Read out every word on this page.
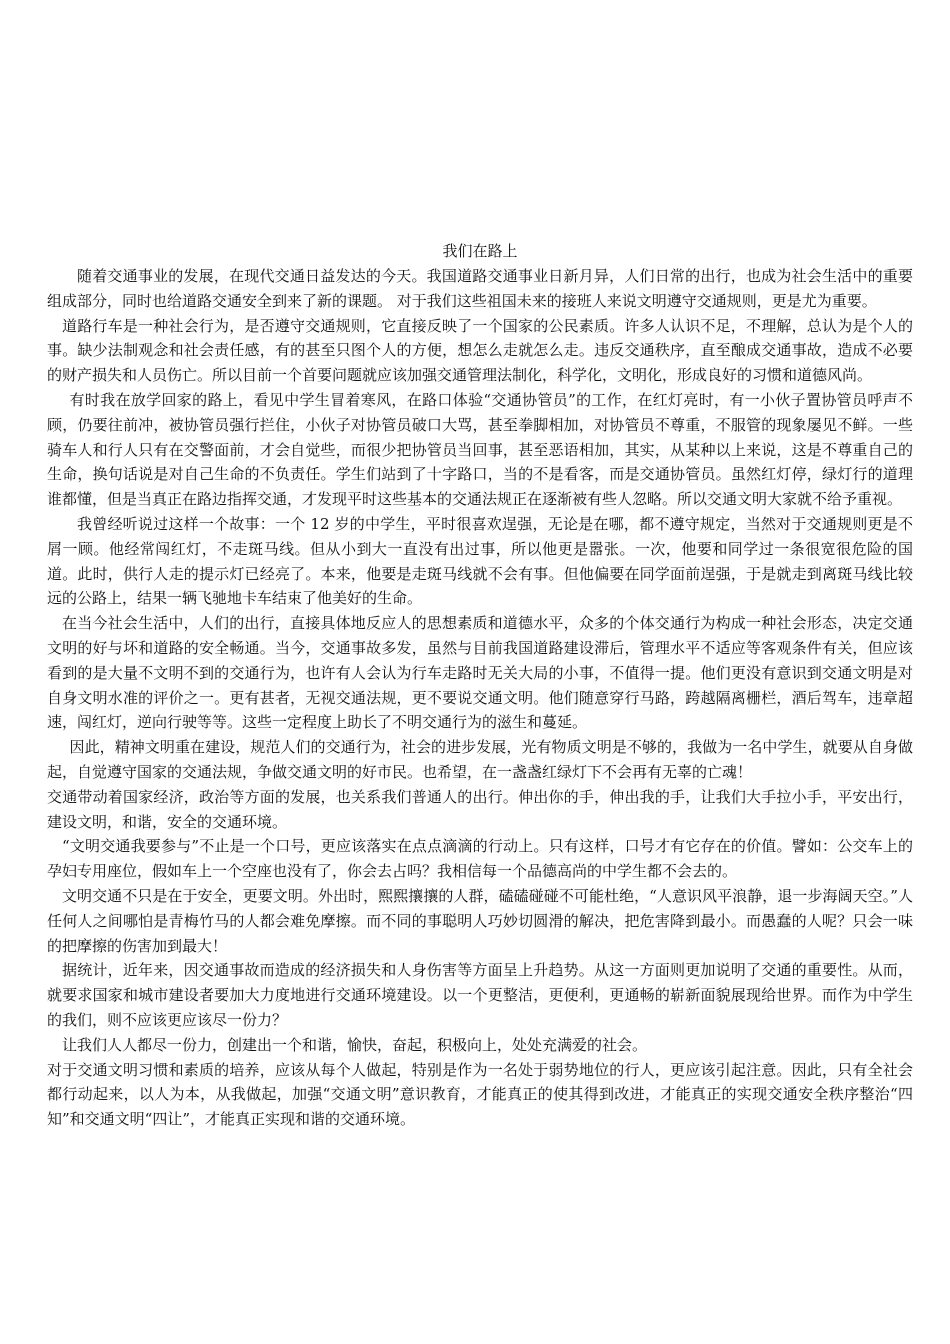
我们在路上

随着交通事业的发展，在现代交通日益发达的今天。我国道路交通事业日新月异，人们日常的出行，也成为社会生活中的重要组成部分，同时也给道路交通安全到来了新的课题。 对于我们这些祖国未来的接班人来说文明遵守交通规则，更是尤为重要。

道路行车是一种社会行为，是否遵守交通规则，它直接反映了一个国家的公民素质。许多人认识不足，不理解，总认为是个人的事。缺少法制观念和社会责任感，有的甚至只图个人的方便，想怎么走就怎么走。违反交通秩序，直至酿成交通事故，造成不必要的财产损失和人员伤亡。所以目前一个首要问题就应该加强交通管理法制化，科学化，文明化，形成良好的习惯和道德风尚。

有时我在放学回家的路上，看见中学生冒着寒风，在路口体验“交通协管员”的工作，在红灯亮时，有一小伙子置协管员呼声不顾，仍要往前冲，被协管员强行拦住，小伙子对协管员破口大骂，甚至拳脚相加，对协管员不尊重，不服管的现象屡见不鲜。一些骑车人和行人只有在交警面前，才会自觉些，而很少把协管员当回事，甚至恶语相加，其实，从某种以上来说，这是不尊重自己的生命，换句话说是对自己生命的不负责任。学生们站到了十字路口，当的不是看客，而是交通协管员。虽然红灯停，绿灯行的道理谁都懂，但是当真正在路边指挥交通，才发现平时这些基本的交通法规正在逐渐被有些人忽略。所以交通文明大家就不给予重视。

我曾经听说过这样一个故事：一个 12 岁的中学生，平时很喜欢逞强，无论是在哪，都不遵守规定，当然对于交通规则更是不屑一顾。他经常闯红灯，不走斑马线。但从小到大一直没有出过事，所以他更是嚣张。一次，他要和同学过一条很宽很危险的国道。此时，供行人走的提示灯已经亮了。本来，他要是走斑马线就不会有事。但他偏要在同学面前逞强，于是就走到离斑马线比较远的公路上，结果一辆飞驰地卡车结束了他美好的生命。

在当今社会生活中，人们的出行，直接具体地反应人的思想素质和道德水平，众多的个体交通行为构成一种社会形态，决定交通文明的好与坏和道路的安全畅通。当今，交通事故多发，虽然与目前我国道路建设滞后，管理水平不适应等客观条件有关，但应该看到的是大量不文明不到的交通行为，也许有人会认为行车走路时无关大局的小事，不值得一提。他们更没有意识到交通文明是对自身文明水准的评价之一。更有甚者，无视交通法规，更不要说交通文明。他们随意穿行马路，跨越隔离栅栏，酒后驾车，违章超速，闯红灯，逆向行驶等等。这些一定程度上助长了不明交通行为的滋生和蔓延。

因此，精神文明重在建设，规范人们的交通行为，社会的进步发展，光有物质文明是不够的，我做为一名中学生，就要从自身做起，自觉遵守国家的交通法规，争做交通文明的好市民。也希望，在一盏盏红绿灯下不会再有无辜的亡魂！

交通带动着国家经济，政治等方面的发展，也关系我们普通人的出行。伸出你的手，伸出我的手，让我们大手拉小手，平安出行，建设文明，和谐，安全的交通环境。

“文明交通我要参与”不止是一个口号，更应该落实在点点滴滴的行动上。只有这样，口号才有它存在的价值。譬如：公交车上的孕妇专用座位，假如车上一个空座也没有了，你会去占吗？我相信每一个品德高尚的中学生都不会去的。

文明交通不只是在于安全，更要文明。外出时，熙熙攘攘的人群，磕磕碰碰不可能杜绝，“人意识风平浪静，退一步海阔天空。”人任何人之间哪怕是青梅竹马的人都会难免摩擦。而不同的事聪明人巧妙切圆滑的解决，把危害降到最小。而愚蠢的人呢？只会一味的把摩擦的伤害加到最大！

据统计，近年来，因交通事故而造成的经济损失和人身伤害等方面呈上升趋势。从这一方面则更加说明了交通的重要性。从而，就要求国家和城市建设者要加大力度地进行交通环境建设。以一个更整洁，更便利，更通畅的崭新面貌展现给世界。而作为中学生的我们，则不应该更应该尽一份力？

让我们人人都尽一份力，创建出一个和谐，愉快，奋起，积极向上，处处充满爱的社会。

对于交通文明习惯和素质的培养，应该从每个人做起，特别是作为一名处于弱势地位的行人，更应该引起注意。因此，只有全社会都行动起来，以人为本，从我做起，加强“交通文明”意识教育，才能真正的使其得到改进，才能真正的实现交通安全秩序整治“四知”和交通文明“四让”，才能真正实现和谐的交通环境。
